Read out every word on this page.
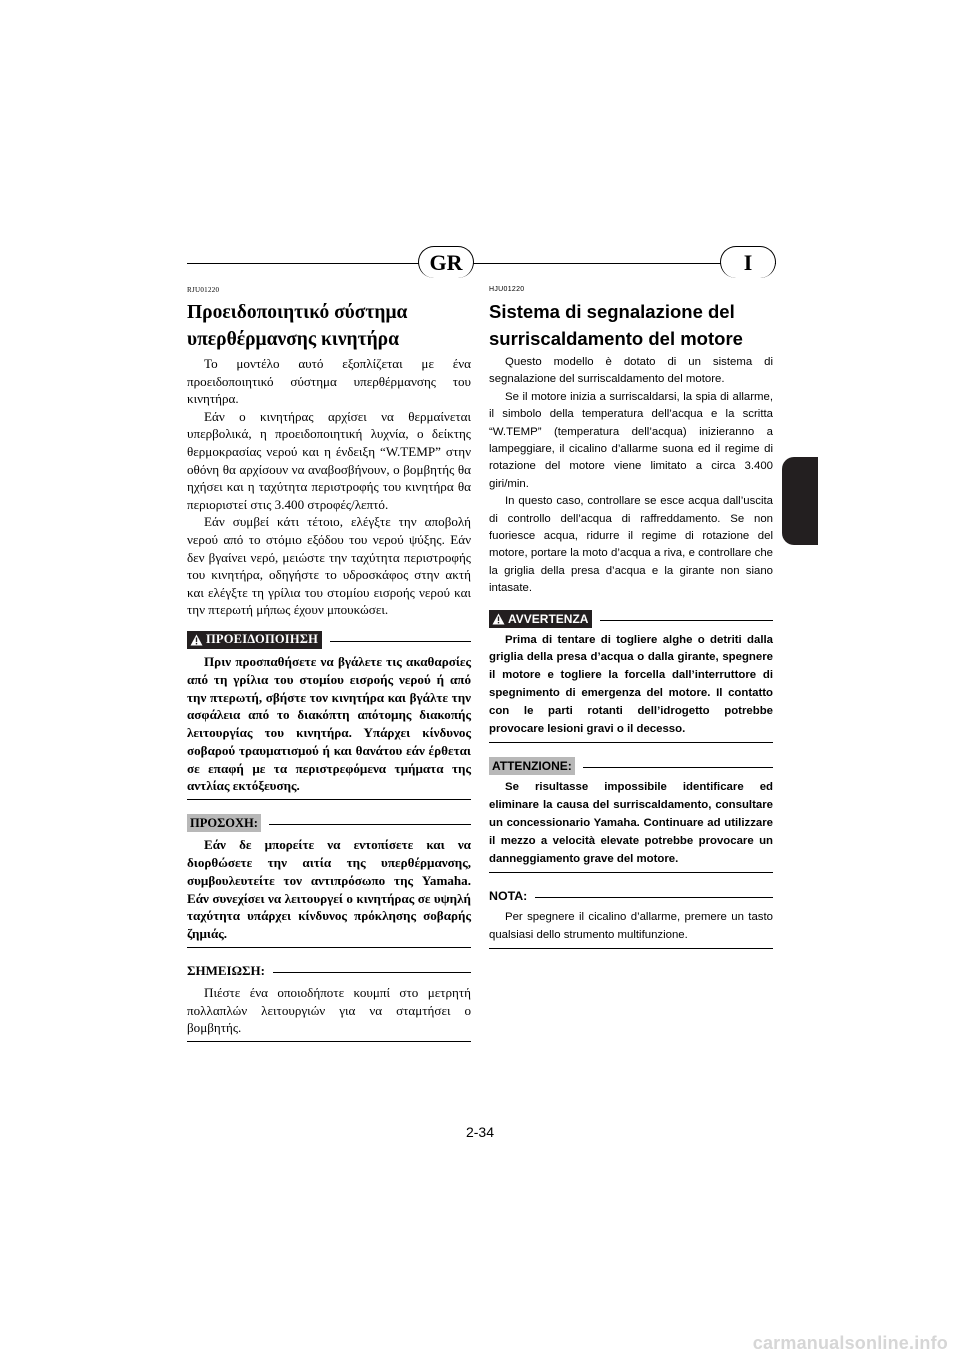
GR	I
RJU01220
Προειδοποιητικό σύστημα υπερθέρμανσης κινητήρα

Το μοντέλο αυτό εξοπλίζεται με ένα προειδοποιητικό σύστημα υπερθέρμανσης του κινητήρα.

Εάν ο κινητήρας αρχίσει να θερμαίνεται υπερβολικά, η προειδοποιητική λυχνία, ο δείκτης θερμοκρασίας νερού και η ένδειξη “W.TEMP” στην οθόνη θα αρχίσουν να αναβοσβήνουν, ο βομβητής θα ηχήσει και η ταχύτητα περιστροφής του κινητήρα θα περιοριστεί στις 3.400 στροφές/λεπτό.

Εάν συμβεί κάτι τέτοιο, ελέγξτε την αποβολή νερού από το στόμιο εξόδου του νερού ψύξης. Εάν δεν βγαίνει νερό, μειώστε την ταχύτητα περιστροφής του κινητήρα, οδηγήστε το υδροσκάφος στην ακτή και ελέγξτε τη γρίλια του στομίου εισροής νερού και την πτερωτή μήπως έχουν μπουκώσει.

ΠΡΟΕΙΔΟΠΟΙΗΣΗ

Πριν προσπαθήσετε να βγάλετε τις ακαθαρσίες από τη γρίλια του στομίου εισροής νερού ή από την πτερωτή, σβήστε τον κινητήρα και βγάλτε την ασφάλεια από το διακόπτη απότομης διακοπής λειτουργίας του κινητήρα. Υπάρχει κίνδυνος σοβαρού τραυματισμού ή και θανάτου εάν έρθεται σε επαφή με τα περιστρεφόμενα τμήματα της αντλίας εκτόξευσης.

ΠΡΟΣΟΧΗ:

Εάν δε μπορείτε να εντοπίσετε και να διορθώσετε την αιτία της υπερθέρμανσης, συμβουλευτείτε τον αντιπρόσωπο της Yamaha. Εάν συνεχίσει να λειτουργεί ο κινητήρας σε υψηλή ταχύτητα υπάρχει κίνδυνος πρόκλησης σοβαρής ζημιάς.

ΣΗΜΕΙΩΣΗ:

Πιέστε ένα οποιοδήποτε κουμπί στο μετρητή πολλαπλών λειτουργιών για να σταμτήσει ο βομβητής.

HJU01220
Sistema di segnalazione del surriscaldamento del motore

Questo modello è dotato di un sistema di segnalazione del surriscaldamento del motore.

Se il motore inizia a surriscaldarsi, la spia di allarme, il simbolo della temperatura dell’acqua e la scritta “W.TEMP” (temperatura dell’acqua) inizieranno a lampeggiare, il cicalino d’allarme suona ed il regime di rotazione del motore viene limitato a circa 3.400 giri/min.

In questo caso, controllare se esce acqua dall’uscita di controllo dell’acqua di raffreddamento. Se non fuoriesce acqua, ridurre il regime di rotazione del motore, portare la moto d’acqua a riva, e controllare che la griglia della presa d’acqua e la girante non siano intasate.

AVVERTENZA

Prima di tentare di togliere alghe o detriti dalla griglia della presa d’acqua o dalla girante, spegnere il motore e togliere la forcella dall’interruttore di spegnimento di emergenza del motore. Il contatto con le parti rotanti dell’idrogetto potrebbe provocare lesioni gravi o il decesso.

ATTENZIONE:

Se risultasse impossibile identificare ed eliminare la causa del surriscaldamento, consultare un concessionario Yamaha. Continuare ad utilizzare il mezzo a velocità elevate potrebbe provocare un danneggiamento grave del motore.

NOTA:

Per spegnere il cicalino d’allarme, premere un tasto qualsiasi dello strumento multifunzione.

2-34
carmanualsonline.info
